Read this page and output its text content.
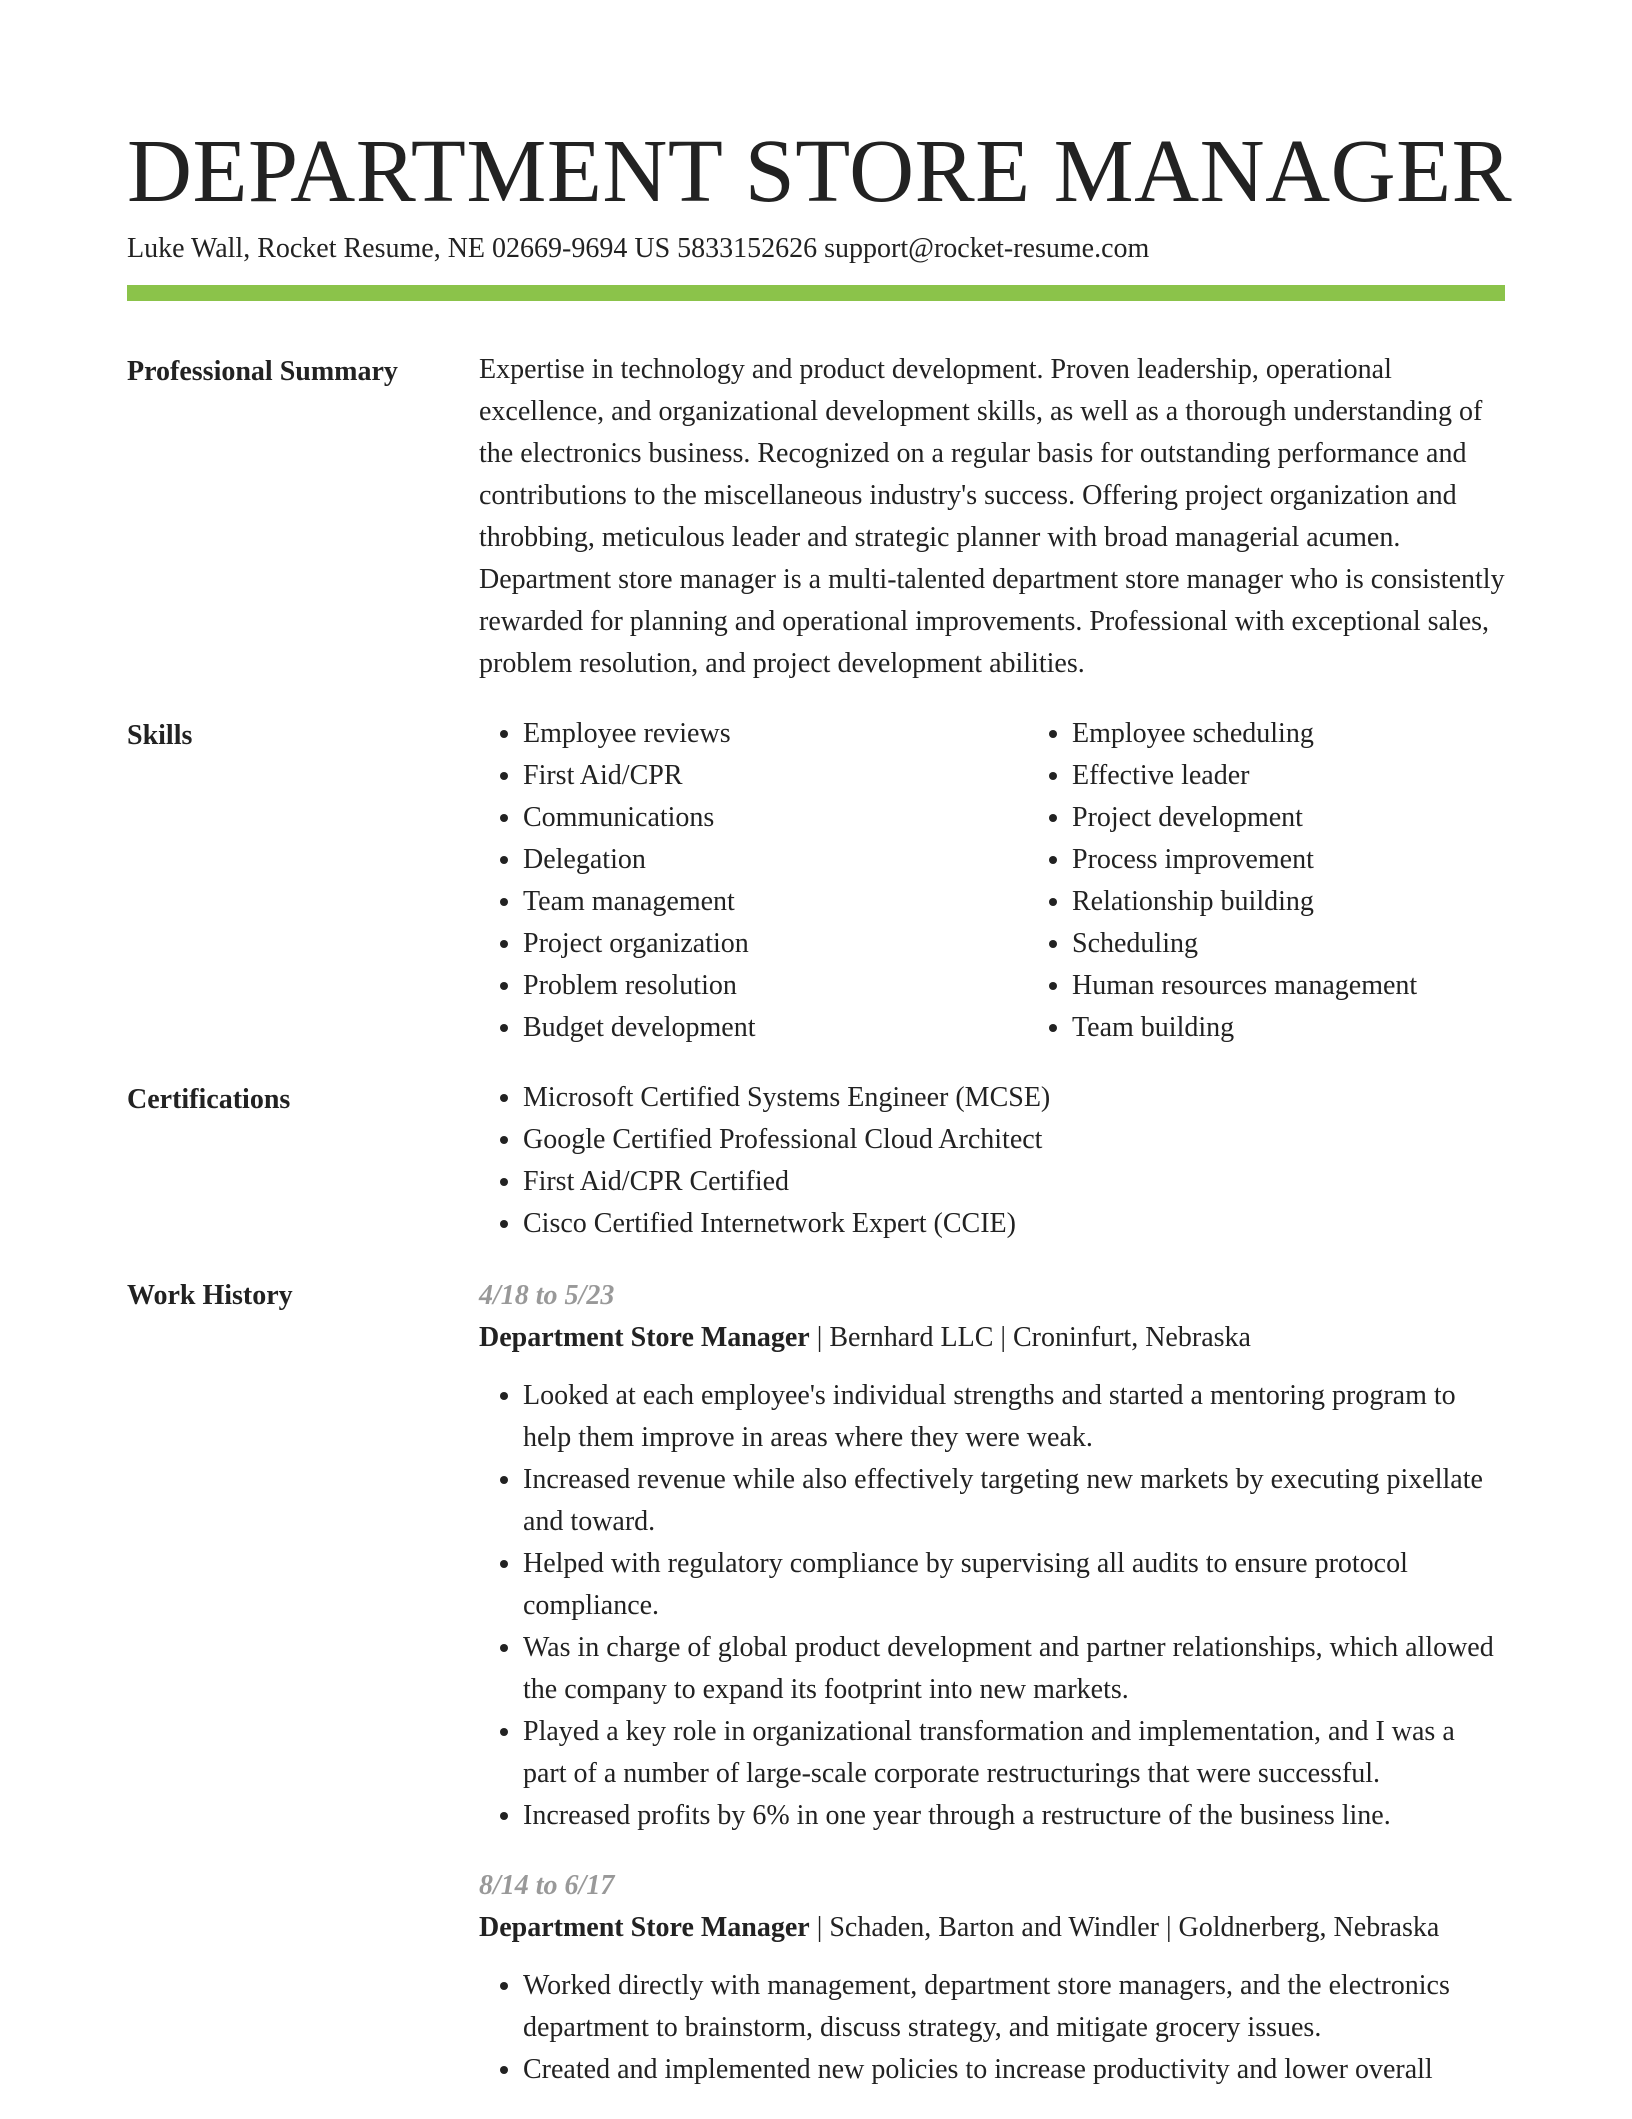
DEPARTMENT STORE MANAGER
Luke Wall, Rocket Resume, NE 02669-9694 US 5833152626 support@rocket-resume.com
Professional Summary	Expertise in technology and product development. Proven leadership, operational excellence, and organizational development skills, as well as a thorough understanding of the electronics business. Recognized on a regular basis for outstanding performance and contributions to the miscellaneous industry's success. Offering project organization and throbbing, meticulous leader and strategic planner with broad managerial acumen. Department store manager is a multi-talented department store manager who is consistently rewarded for planning and operational improvements. Professional with exceptional sales, problem resolution, and project development abilities.

Skills	• Employee reviews
• First Aid/CPR
• Communications
• Delegation
• Team management
• Project organization
• Problem resolution
• Budget development
• Employee scheduling
• Effective leader
• Project development
• Process improvement
• Relationship building
• Scheduling
• Human resources management
• Team building
Certifications	• Microsoft Certified Systems Engineer (MCSE)
• Google Certified Professional Cloud Architect
• First Aid/CPR Certified
• Cisco Certified Internetwork Expert (CCIE)
Work History	4/18 to 5/23
Department Store Manager | Bernhard LLC | Croninfurt, Nebraska
• Looked at each employee's individual strengths and started a mentoring program to help them improve in areas where they were weak.
• Increased revenue while also effectively targeting new markets by executing pixellate and toward.
• Helped with regulatory compliance by supervising all audits to ensure protocol compliance.
• Was in charge of global product development and partner relationships, which allowed the company to expand its footprint into new markets.
• Played a key role in organizational transformation and implementation, and I was a part of a number of large-scale corporate restructurings that were successful.
• Increased profits by 6% in one year through a restructure of the business line.
8/14 to 6/17
Department Store Manager | Schaden, Barton and Windler | Goldnerberg, Nebraska
• Worked directly with management, department store managers, and the electronics department to brainstorm, discuss strategy, and mitigate grocery issues.
• Created and implemented new policies to increase productivity and lower overall
